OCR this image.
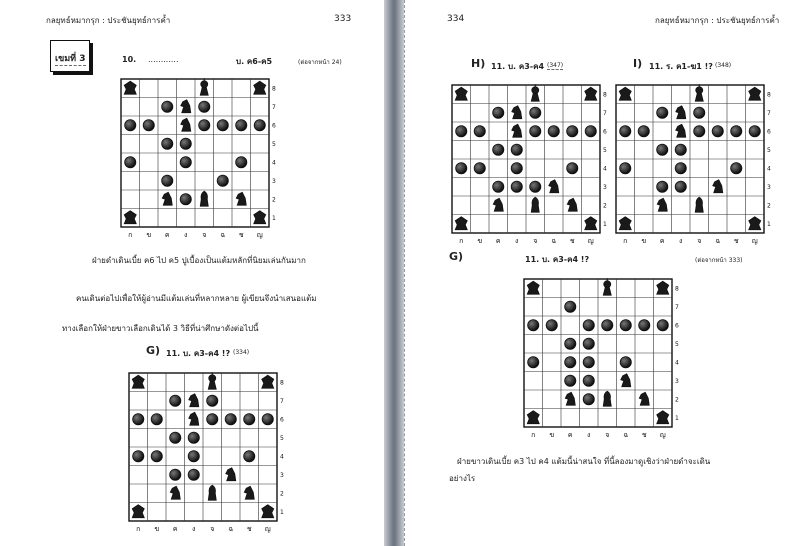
กลยุทธ์หมากรุก : ประชันยุทธ์การค้ำ	333
เขมที่ 3	10. ............	บ. ค6-ค5	(ต่อจากหน้า 24)
8
7
6
5
4
3
2
1
ก ข ค ง จ ฉ ช ญ
ฝ่ายดำเดินเบี้ย ค6 ไป ค5 ปูเบื้องเป็นแต้มหลักที่นิยมเล่นกันมาก
คนเดินต่อไปเพื่อให้ผู้อ่านมีแต้มเล่นที่หลากหลาย ผู้เขียนจึงนำเสนอแต้ม
ทางเลือกให้ฝ่ายขาวเลือกเดินได้ 3 วิธีที่น่าศึกษาดังต่อไปนี้
G) 11. บ. ค3-ค4 !? (334)
8
7
6
5
4
3
2
1
ก ข ค ง จ ฉ ช ญ
334	กลยุทธ์หมากรุก : ประชันยุทธ์การค้ำ
H) 11. บ. ค3-ค4 (347)	I) 11. ร. ค1-ฆ1 !? (348)
8
7
6
5
4
3
2
1
ก ข ค ง จ ฉ ช ญ
8
7
6
5
4
3
2
1
ก ข ค ง จ ฉ ช ญ
G)	11. บ. ค3-ค4 !?	(ต่อจากหน้า 333)
8
7
6
5
4
3
2
1
ก ข ค ง จ ฉ ช ญ
ฝ่ายขาวเดินเบี้ย ค3 ไป ค4 แต้มนี้น่าสนใจ ที่นี้ลองมาดูเชิงว่าฝ่ายดำจะเดิน
อย่างไร
